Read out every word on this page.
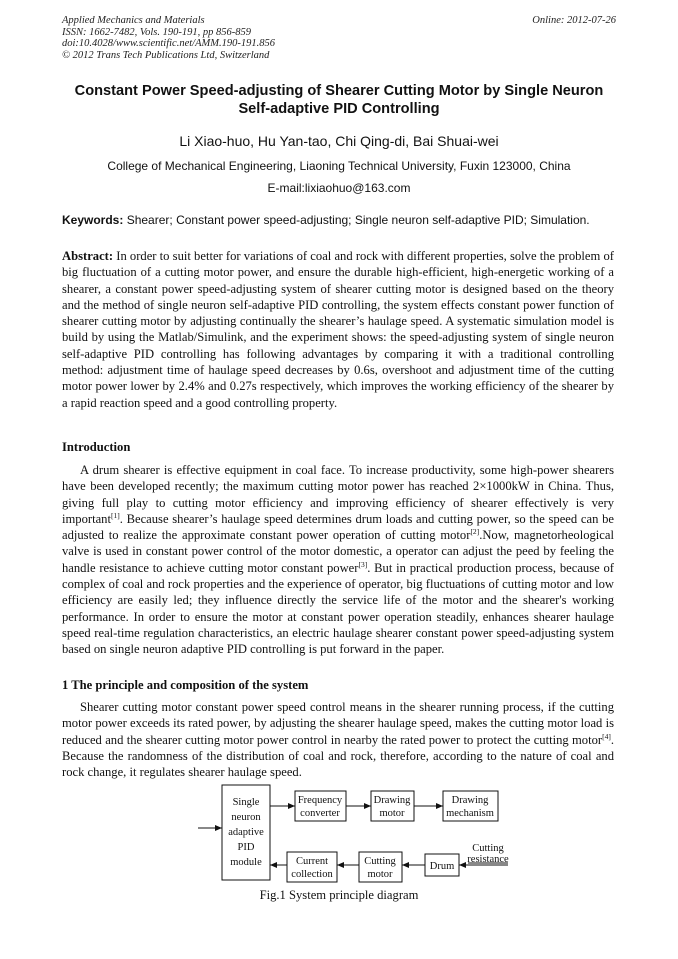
Applied Mechanics and Materials
ISSN: 1662-7482, Vols. 190-191, pp 856-859
doi:10.4028/www.scientific.net/AMM.190-191.856
© 2012 Trans Tech Publications Ltd, Switzerland
Online: 2012-07-26
Constant Power Speed-adjusting of Shearer Cutting Motor by Single Neuron Self-adaptive PID Controlling
Li Xiao-huo, Hu Yan-tao, Chi Qing-di, Bai Shuai-wei
College of Mechanical Engineering, Liaoning Technical University, Fuxin 123000, China
E-mail:lixiaohuo@163.com
Keywords: Shearer; Constant power speed-adjusting; Single neuron self-adaptive PID; Simulation.
Abstract: In order to suit better for variations of coal and rock with different properties, solve the problem of big fluctuation of a cutting motor power, and ensure the durable high-efficient, high-energetic working of a shearer, a constant power speed-adjusting system of shearer cutting motor is designed based on the theory and the method of single neuron self-adaptive PID controlling, the system effects constant power function of shearer cutting motor by adjusting continually the shearer’s haulage speed. A systematic simulation model is build by using the Matlab/Simulink, and the experiment shows: the speed-adjusting system of single neuron self-adaptive PID controlling has following advantages by comparing it with a traditional controlling method: adjustment time of haulage speed decreases by 0.6s, overshoot and adjustment time of the cutting motor power lower by 2.4% and 0.27s respectively, which improves the working efficiency of the shearer by a rapid reaction speed and a good controlling property.
Introduction
A drum shearer is effective equipment in coal face. To increase productivity, some high-power shearers have been developed recently; the maximum cutting motor power has reached 2×1000kW in China. Thus, giving full play to cutting motor efficiency and improving efficiency of shearer effectively is very important[1]. Because shearer’s haulage speed determines drum loads and cutting power, so the speed can be adjusted to realize the approximate constant power operation of cutting motor[2].Now, magnetorheological valve is used in constant power control of the motor domestic, a operator can adjust the peed by feeling the handle resistance to achieve cutting motor constant power[3]. But in practical production process, because of complex of coal and rock properties and the experience of operator, big fluctuations of cutting motor and low efficiency are easily led; they influence directly the service life of the motor and the shearer's working performance. In order to ensure the motor at constant power operation steadily, enhances shearer haulage speed real-time regulation characteristics, an electric haulage shearer constant power speed-adjusting system based on single neuron adaptive PID controlling is put forward in the paper.
1 The principle and composition of the system
Shearer cutting motor constant power speed control means in the shearer running process, if the cutting motor power exceeds its rated power, by adjusting the shearer haulage speed, makes the cutting motor load is reduced and the shearer cutting motor power control in nearby the rated power to protect the cutting motor[4]. Because the randomness of the distribution of coal and rock, therefore, according to the nature of coal and rock change, it regulates shearer haulage speed.
Single
neuron
adaptive
PID
module
Frequency
converter
Drawing
motor
Drawing
mechanism
Current
collection
Cutting
motor
Drum
Cutting
resistance
Fig.1 System principle diagram
